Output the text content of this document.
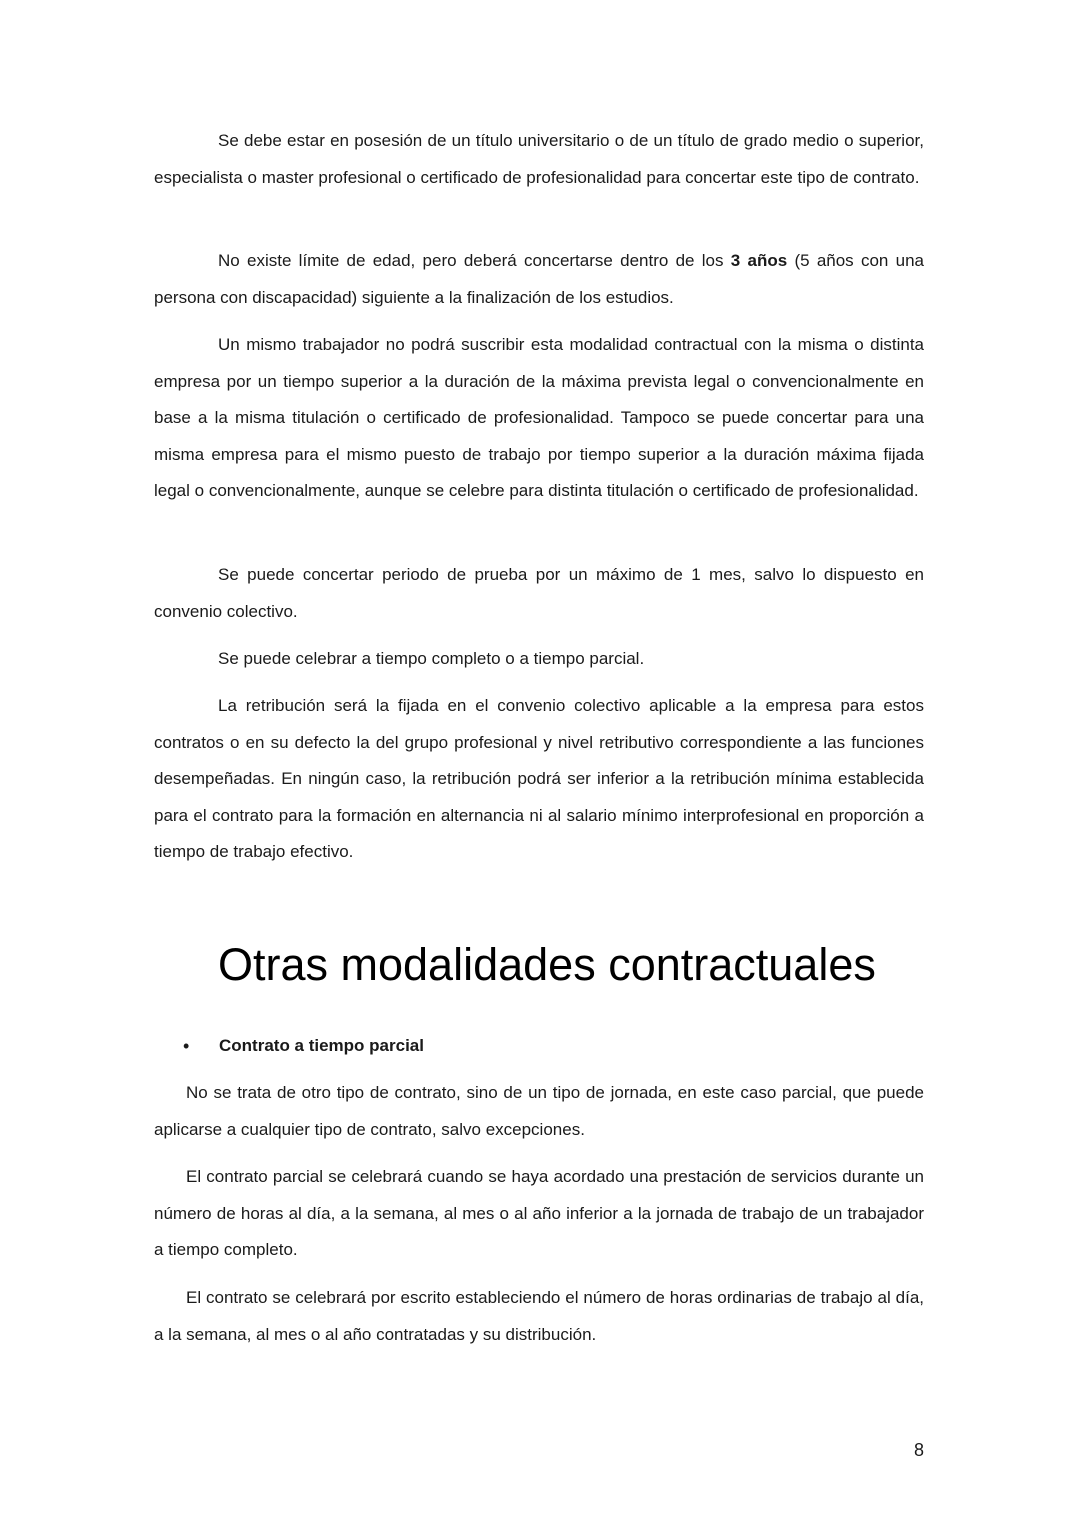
Se debe estar en posesión de un título universitario o de un título de grado medio o superior, especialista o master profesional o certificado de profesionalidad para concertar este tipo de contrato.

No existe límite de edad, pero deberá concertarse dentro de los 3 años (5 años con una persona con discapacidad) siguiente a la finalización de los estudios.

Un mismo trabajador no podrá suscribir esta modalidad contractual con la misma o distinta empresa por un tiempo superior a la duración de la máxima prevista legal o convencionalmente en base a la misma titulación o certificado de profesionalidad. Tampoco se puede concertar para una misma empresa para el mismo puesto de trabajo por tiempo superior a la duración máxima fijada legal o convencionalmente, aunque se celebre para distinta titulación o certificado de profesionalidad.

Se puede concertar periodo de prueba por un máximo de 1 mes, salvo lo dispuesto en convenio colectivo.

Se puede celebrar a tiempo completo o a tiempo parcial.

La retribución será la fijada en el convenio colectivo aplicable a la empresa para estos contratos o en su defecto la del grupo profesional y nivel retributivo correspondiente a las funciones desempeñadas. En ningún caso, la retribución podrá ser inferior a la retribución mínima establecida para el contrato para la formación en alternancia ni al salario mínimo interprofesional en proporción a tiempo de trabajo efectivo.

Otras modalidades contractuales
• Contrato a tiempo parcial

No se trata de otro tipo de contrato, sino de un tipo de jornada, en este caso parcial, que puede aplicarse a cualquier tipo de contrato, salvo excepciones.

El contrato parcial se celebrará cuando se haya acordado una prestación de servicios durante un número de horas al día, a la semana, al mes o al año inferior a la jornada de trabajo de un trabajador a tiempo completo.

El contrato se celebrará por escrito estableciendo el número de horas ordinarias de trabajo al día, a la semana, al mes o al año contratadas y su distribución.

8
